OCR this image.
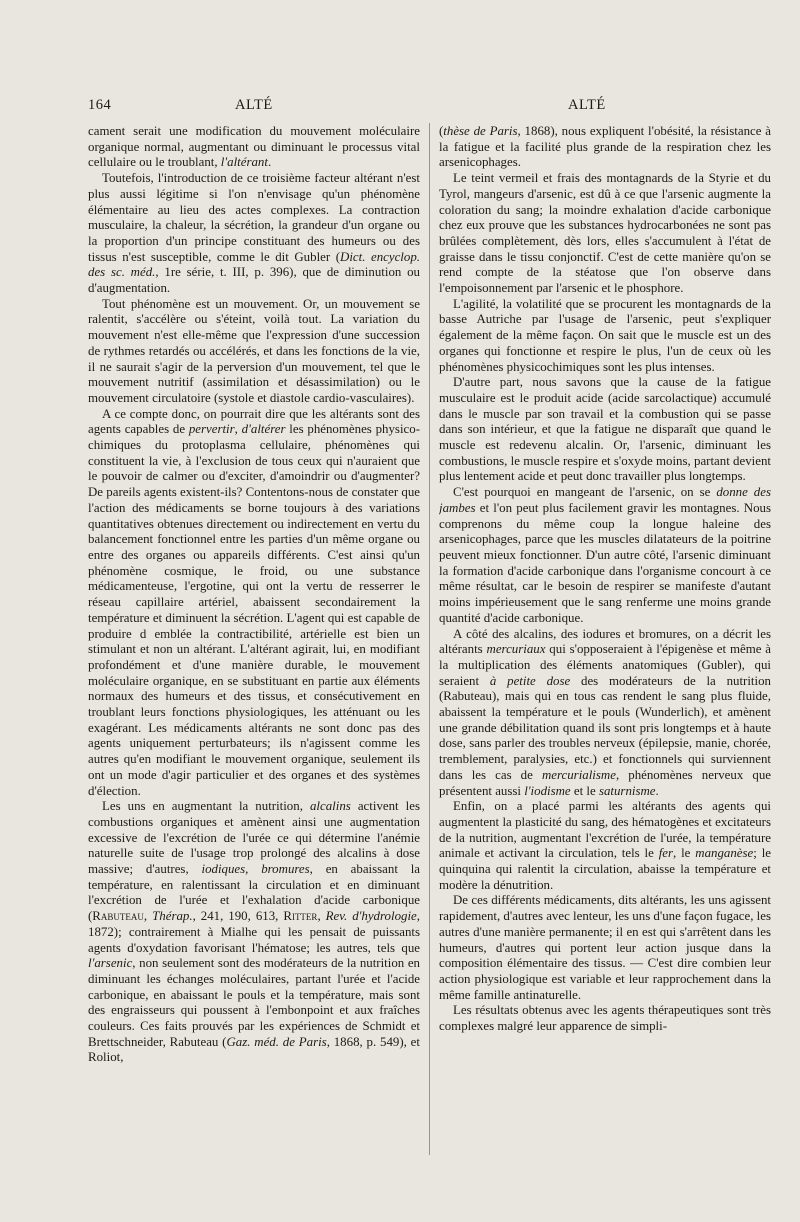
164	ALTÉ	ALTÉ

cament serait une modification du mouvement moléculaire organique normal, augmentant ou diminuant le processus vital cellulaire ou le troublant, l'altérant.

Toutefois, l'introduction de ce troisième facteur altérant n'est plus aussi légitime si l'on n'envisage qu'un phénomène élémentaire au lieu des actes complexes. La contraction musculaire, la chaleur, la sécrétion, la grandeur d'un organe ou la proportion d'un principe constituant des humeurs ou des tissus n'est susceptible, comme le dit Gubler (Dict. encyclop. des sc. méd., 1re série, t. III, p. 396), que de diminution ou d'augmentation.

Tout phénomène est un mouvement. Or, un mouvement se ralentit, s'accélère ou s'éteint, voilà tout. La variation du mouvement n'est elle-même que l'expression d'une succession de rythmes retardés ou accélérés, et dans les fonctions de la vie, il ne saurait s'agir de la perversion d'un mouvement, tel que le mouvement nutritif (assimilation et désassimilation) ou le mouvement circulatoire (systole et diastole cardio-vasculaires).

A ce compte donc, on pourrait dire que les altérants sont des agents capables de pervertir, d'altérer les phénomènes physico-chimiques du protoplasma cellulaire, phénomènes qui constituent la vie, à l'exclusion de tous ceux qui n'auraient que le pouvoir de calmer ou d'exciter, d'amoindrir ou d'augmenter? De pareils agents existent-ils? Contentons-nous de constater que l'action des médicaments se borne toujours à des variations quantitatives obtenues directement ou indirectement en vertu du balancement fonctionnel entre les parties d'un même organe ou entre des organes ou appareils différents. C'est ainsi qu'un phénomène cosmique, le froid, ou une substance médicamenteuse, l'ergotine, qui ont la vertu de resserrer le réseau capillaire artériel, abaissent secondairement la température et diminuent la sécrétion. L'agent qui est capable de produire d emblée la contractibilité, artérielle est bien un stimulant et non un altérant. L'altérant agirait, lui, en modifiant profondément et d'une manière durable, le mouvement moléculaire organique, en se substituant en partie aux éléments normaux des humeurs et des tissus, et consécutivement en troublant leurs fonctions physiologiques, les atténuant ou les exagérant. Les médicaments altérants ne sont donc pas des agents uniquement perturbateurs; ils n'agissent comme les autres qu'en modifiant le mouvement organique, seulement ils ont un mode d'agir particulier et des organes et des systèmes d'élection.

Les uns en augmentant la nutrition, alcalins activent les combustions organiques et amènent ainsi une augmentation excessive de l'excrétion de l'urée ce qui détermine l'anémie naturelle suite de l'usage trop prolongé des alcalins à dose massive; d'autres, iodiques, bromures, en abaissant la température, en ralentissant la circulation et en diminuant l'excrétion de l'urée et l'exhalation d'acide carbonique (Rabuteau, Thérap., 241, 190, 613, Ritter, Rev. d'hydrologie, 1872); contrairement à Mialhe qui les pensait de puissants agents d'oxydation favorisant l'hématose; les autres, tels que l'arsenic, non seulement sont des modérateurs de la nutrition en diminuant les échanges moléculaires, partant l'urée et l'acide carbonique, en abaissant le pouls et la température, mais sont des engraisseurs qui poussent à l'embonpoint et aux fraîches couleurs. Ces faits prouvés par les expériences de Schmidt et Brettschneider, Rabuteau (Gaz. méd. de Paris, 1868, p. 549), et Roliot,

(thèse de Paris, 1868), nous expliquent l'obésité, la résistance à la fatigue et la facilité plus grande de la respiration chez les arsenicophages.

Le teint vermeil et frais des montagnards de la Styrie et du Tyrol, mangeurs d'arsenic, est dû à ce que l'arsenic augmente la coloration du sang; la moindre exhalation d'acide carbonique chez eux prouve que les substances hydrocarbonées ne sont pas brûlées complètement, dès lors, elles s'accumulent à l'état de graisse dans le tissu conjonctif. C'est de cette manière qu'on se rend compte de la stéatose que l'on observe dans l'empoisonnement par l'arsenic et le phosphore.

L'agilité, la volatilité que se procurent les montagnards de la basse Autriche par l'usage de l'arsenic, peut s'expliquer également de la même façon. On sait que le muscle est un des organes qui fonctionne et respire le plus, l'un de ceux où les phénomènes physicochimiques sont les plus intenses.

D'autre part, nous savons que la cause de la fatigue musculaire est le produit acide (acide sarcolactique) accumulé dans le muscle par son travail et la combustion qui se passe dans son intérieur, et que la fatigue ne disparaît que quand le muscle est redevenu alcalin. Or, l'arsenic, diminuant les combustions, le muscle respire et s'oxyde moins, partant devient plus lentement acide et peut donc travailler plus longtemps.

C'est pourquoi en mangeant de l'arsenic, on se donne des jambes et l'on peut plus facilement gravir les montagnes. Nous comprenons du même coup la longue haleine des arsenicophages, parce que les muscles dilatateurs de la poitrine peuvent mieux fonctionner. D'un autre côté, l'arsenic diminuant la formation d'acide carbonique dans l'organisme concourt à ce même résultat, car le besoin de respirer se manifeste d'autant moins impérieusement que le sang renferme une moins grande quantité d'acide carbonique.

A côté des alcalins, des iodures et bromures, on a décrit les altérants mercuriaux qui s'opposeraient à l'épigenèse et même à la multiplication des éléments anatomiques (Gubler), qui seraient à petite dose des modérateurs de la nutrition (Rabuteau), mais qui en tous cas rendent le sang plus fluide, abaissent la température et le pouls (Wunderlich), et amènent une grande débilitation quand ils sont pris longtemps et à haute dose, sans parler des troubles nerveux (épilepsie, manie, chorée, tremblement, paralysies, etc.) et fonctionnels qui surviennent dans les cas de mercurialisme, phénomènes nerveux que présentent aussi l'iodisme et le saturnisme.

Enfin, on a placé parmi les altérants des agents qui augmentent la plasticité du sang, des hématogènes et excitateurs de la nutrition, augmentant l'excrétion de l'urée, la température animale et activant la circulation, tels le fer, le manganèse; le quinquina qui ralentit la circulation, abaisse la température et modère la dénutrition.

De ces différents médicaments, dits altérants, les uns agissent rapidement, d'autres avec lenteur, les uns d'une façon fugace, les autres d'une manière permanente; il en est qui s'arrêtent dans les humeurs, d'autres qui portent leur action jusque dans la composition élémentaire des tissus. — C'est dire combien leur action physiologique est variable et leur rapprochement dans la même famille antinaturelle.

Les résultats obtenus avec les agents thérapeutiques sont très complexes malgré leur apparence de simpli-
